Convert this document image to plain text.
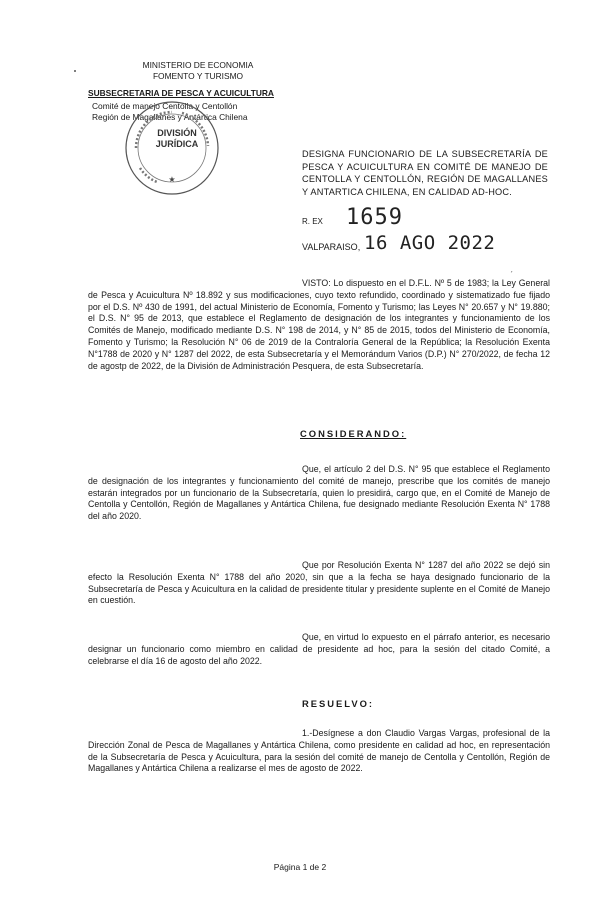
MINISTERIO DE ECONOMIA
FOMENTO Y TURISMO
SUBSECRETARIA DE PESCA Y ACUICULTURA
Comité de manejo Centolla y Centollón
Región de Magallanes y Antártica Chilena
★
DIVISIÓN
JURÍDICA
DESIGNA FUNCIONARIO DE LA SUBSECRETARÍA DE PESCA Y ACUICULTURA EN COMITÉ DE MANEJO DE CENTOLLA Y CENTOLLÓN, REGIÓN DE MAGALLANES Y ANTARTICA CHILENA, EN CALIDAD AD-HOC.
R. EX 1659
VALPARAISO, 16 AGO 2022
ˊ
VISTO: Lo dispuesto en el D.F.L. Nº 5 de 1983; la Ley General de Pesca y Acuicultura Nº 18.892 y sus modificaciones, cuyo texto refundido, coordinado y sistematizado fue fijado por el D.S. Nº 430 de 1991, del actual Ministerio de Economía, Fomento y Turismo; las Leyes N° 20.657 y N° 19.880; el D.S. N° 95 de 2013, que establece el Reglamento de designación de los integrantes y funcionamiento de los Comités de Manejo, modificado mediante D.S. N° 198 de 2014, y N° 85 de 2015, todos del Ministerio de Economía, Fomento y Turismo; la Resolución N° 06 de 2019 de la Contraloría General de la República; la Resolución Exenta N°1788 de 2020 y N° 1287 del 2022, de esta Subsecretaría y el Memorándum Varios (D.P.) N° 270/2022, de fecha 12 de agostp de 2022, de la División de Administración Pesquera, de esta Subsecretaría.
CONSIDERANDO:
Que, el artículo 2 del D.S. N° 95 que establece el Reglamento de designación de los integrantes y funcionamiento del comité de manejo, prescribe que los comités de manejo estarán integrados por un funcionario de la Subsecretaría, quien lo presidirá, cargo que, en el Comité de Manejo de Centolla y Centollón, Región de Magallanes y Antártica Chilena, fue designado mediante Resolución Exenta N° 1788 del año 2020.
Que por Resolución Exenta N° 1287 del año 2022 se dejó sin efecto la Resolución Exenta N° 1788 del año 2020, sin que a la fecha se haya designado funcionario de la Subsecretaría de Pesca y Acuicultura en la calidad de presidente titular y presidente suplente en el Comité de Manejo en cuestión.
Que, en virtud lo expuesto en el párrafo anterior, es necesario designar un funcionario como miembro en calidad de presidente ad hoc, para la sesión del citado Comité, a celebrarse el día 16 de agosto del año 2022.
RESUELVO:
1.-Desígnese a don Claudio Vargas Vargas, profesional de la Dirección Zonal de Pesca de Magallanes y Antártica Chilena, como presidente en calidad ad hoc, en representación de la Subsecretaría de Pesca y Acuicultura, para la sesión del comité de manejo de Centolla y Centollón, Región de Magallanes y Antártica Chilena a realizarse el mes de agosto de 2022.
Página 1 de 2
